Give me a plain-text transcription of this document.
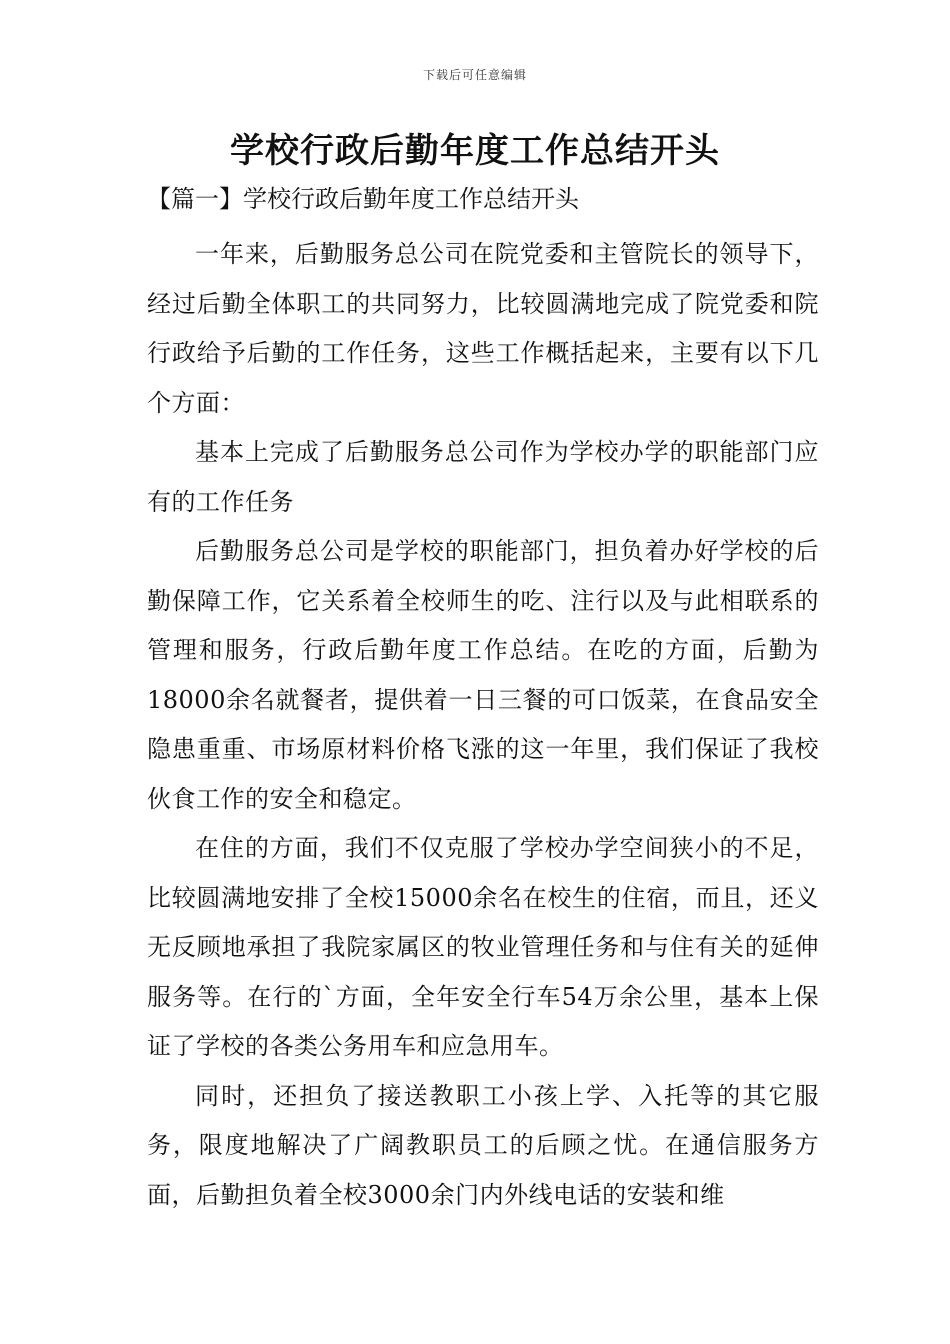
下载后可任意编辑
学校行政后勤年度工作总结开头
【篇一】学校行政后勤年度工作总结开头

一年来，后勤服务总公司在院党委和主管院长的领导下，经过后勤全体职工的共同努力，比较圆满地完成了院党委和院行政给予后勤的工作任务，这些工作概括起来，主要有以下几个方面：

基本上完成了后勤服务总公司作为学校办学的职能部门应有的工作任务

后勤服务总公司是学校的职能部门，担负着办好学校的后勤保障工作，它关系着全校师生的吃、注行以及与此相联系的管理和服务，行政后勤年度工作总结。在吃的方面，后勤为18000余名就餐者，提供着一日三餐的可口饭菜，在食品安全隐患重重、市场原材料价格飞涨的这一年里，我们保证了我校伙食工作的安全和稳定。

在住的方面，我们不仅克服了学校办学空间狭小的不足，比较圆满地安排了全校15000余名在校生的住宿，而且，还义无反顾地承担了我院家属区的牧业管理任务和与住有关的延伸服务等。在行的`方面，全年安全行车54万余公里，基本上保证了学校的各类公务用车和应急用车。

同时，还担负了接送教职工小孩上学、入托等的其它服务，限度地解决了广阔教职员工的后顾之忧。在通信服务方面，后勤担负着全校3000余门内外线电话的安装和维
